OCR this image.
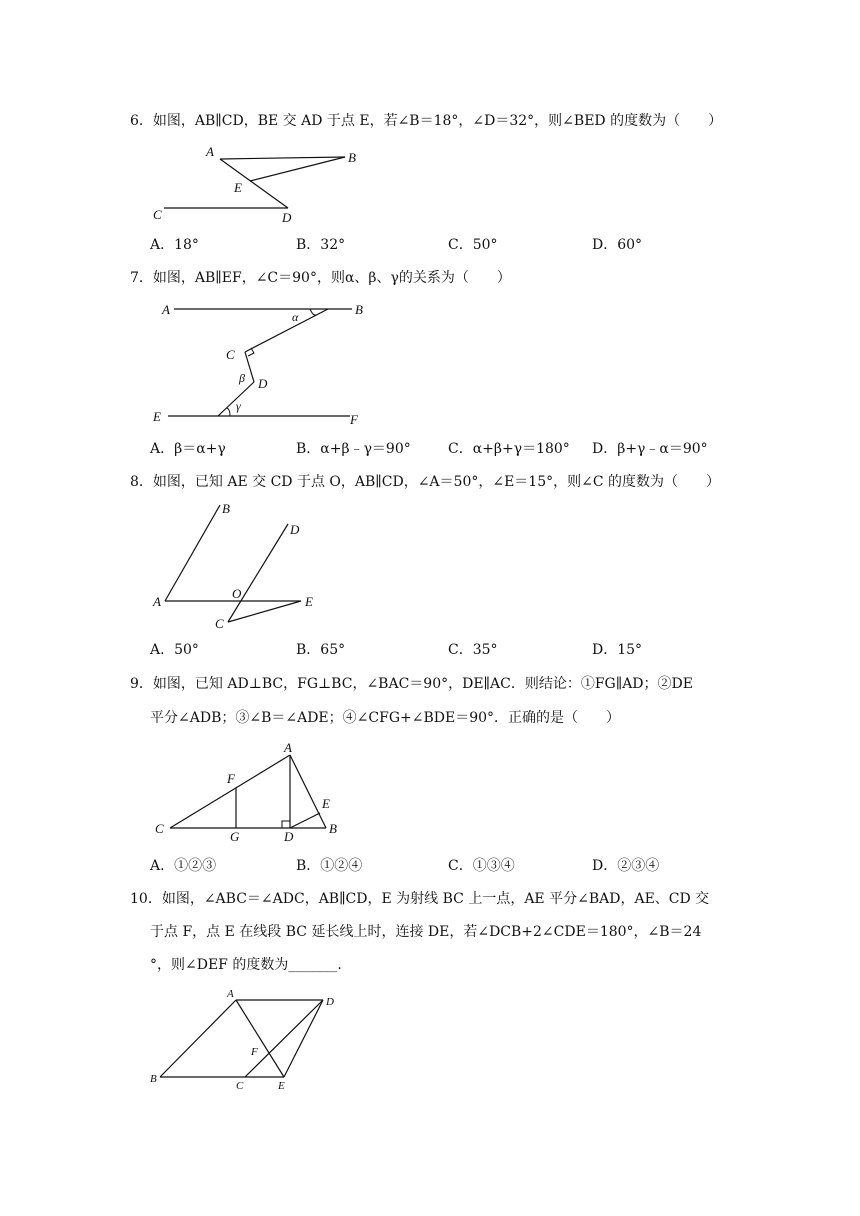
6．如图，AB∥CD，BE 交 AD 于点 E，若∠B＝18°，∠D＝32°，则∠BED 的度数为（　　）
A	B
E
C	D
A．18°	B．32°	C．50°	D．60°
7．如图，AB∥EF，∠C＝90°，则α、β、γ的关系为（　　）
A	B
C
D
E	F
α
β
γ
A．β＝α+γ	B．α+β﹣γ＝90°	C．α+β+γ＝180° D．β+γ﹣α＝90°
8．如图，已知 AE 交 CD 于点 O，AB∥CD，∠A＝50°，∠E＝15°，则∠C 的度数为（　　）
A
B
D
O
E
C
A．50°	B．65°	C．35°	D．15°
9．如图，已知 AD⊥BC，FG⊥BC，∠BAC＝90°，DE∥AC．则结论：①FG∥AD；②DE
平分∠ADB；③∠B＝∠ADE；④∠CFG+∠BDE＝90°．正确的是（　　）
A
F
E
C
G	D
B
A．①②③	B．①②④	C．①③④	D．②③④
10．如图，∠ABC＝∠ADC，AB∥CD，E 为射线 BC 上一点，AE 平分∠BAD，AE、CD 交
于点 F，点 E 在线段 BC 延长线上时，连接 DE，若∠DCB+2∠CDE＝180°，∠B＝24
°，则∠DEF 的度数为_______.
A
D
F
B
C	E
